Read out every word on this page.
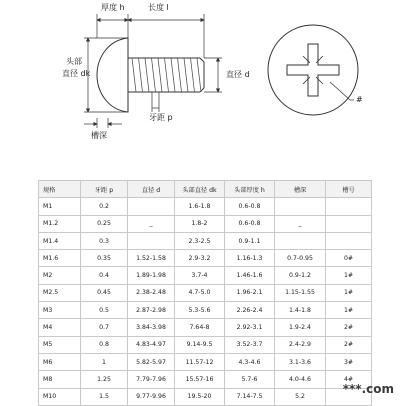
厚度 h	长度 l
头部
直径 dk	直径 d
牙距 p
槽深
#
规格	牙距 p	直径 d	头部直径 dk	头部厚度 h	槽深	槽号
M1	0.2		1.6-1.8	0.6-0.8		
M1.2	0.25	_	1.8-2	0.6-0.8	_	
M1.4	0.3		2.3-2.5	0.9-1.1		
M1.6	0.35	1.52-1.58	2.9-3.2	1.16-1.3	0.7-0.95	0#
M2	0.4	1.89-1.98	3.7-4	1.46-1.6	0.9-1.2	1#
M2.5	0.45	2.38-2.48	4.7-5.0	1.96-2.1	1.15-1.55	1#
M3	0.5	2.87-2.98	5.3-5.6	2.26-2.4	1.4-1.8	1#
M4	0.7	3.84-3.98	7.64-8	2.92-3.1	1.9-2.4	2#
M5	0.8	4.83-4.97	9.14-9.5	3.52-3.7	2.4-2.9	2#
M6	1	5.82-5.97	11.57-12	4.3-4.6	3.1-3.6	3#
M8	1.25	7.79-7.96	15.57-16	5.7-6	4.0-4.6	4#
M10	1.5	9.77-9.96	19.5-20	7.14-7.5	5.2	
***.com
